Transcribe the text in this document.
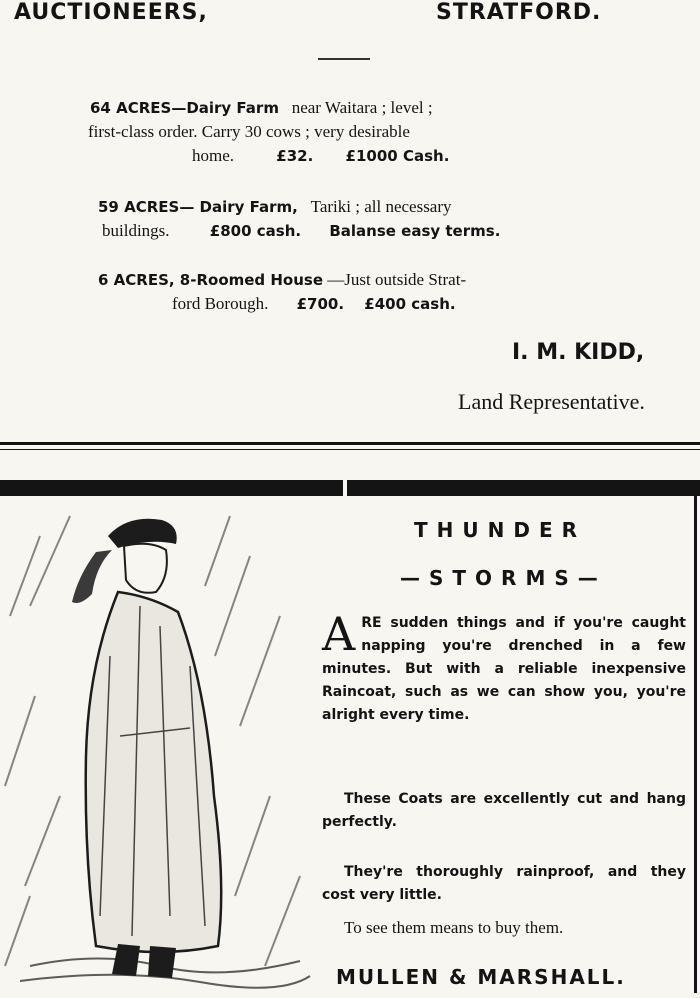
AUCTIONEERS,	STRATFORD.
64 ACRES—Dairy Farm near Waitara ; level ;
first-class order. Carry 30 cows ; very desirable
home.	£32. £1000 Cash.
59 ACRES— Dairy Farm, Tariki ; all necessary
buildings.	£800 cash. Balanse easy terms.
6 ACRES, 8-Roomed House —Just outside Strat-
ford Borough. £700. £400 cash.
I. M. KIDD,
Land Representative.
THUNDER
—STORMS—
ARE sudden things and if you're caught napping you're drenched in a few minutes. But with a reliable inexpensive Raincoat, such as we can show you, you're alright every time.
These Coats are excellently cut and hang perfectly.
They're thoroughly rainproof, and they cost very little.
To see them means to buy them.
MULLEN & MARSHALL.
